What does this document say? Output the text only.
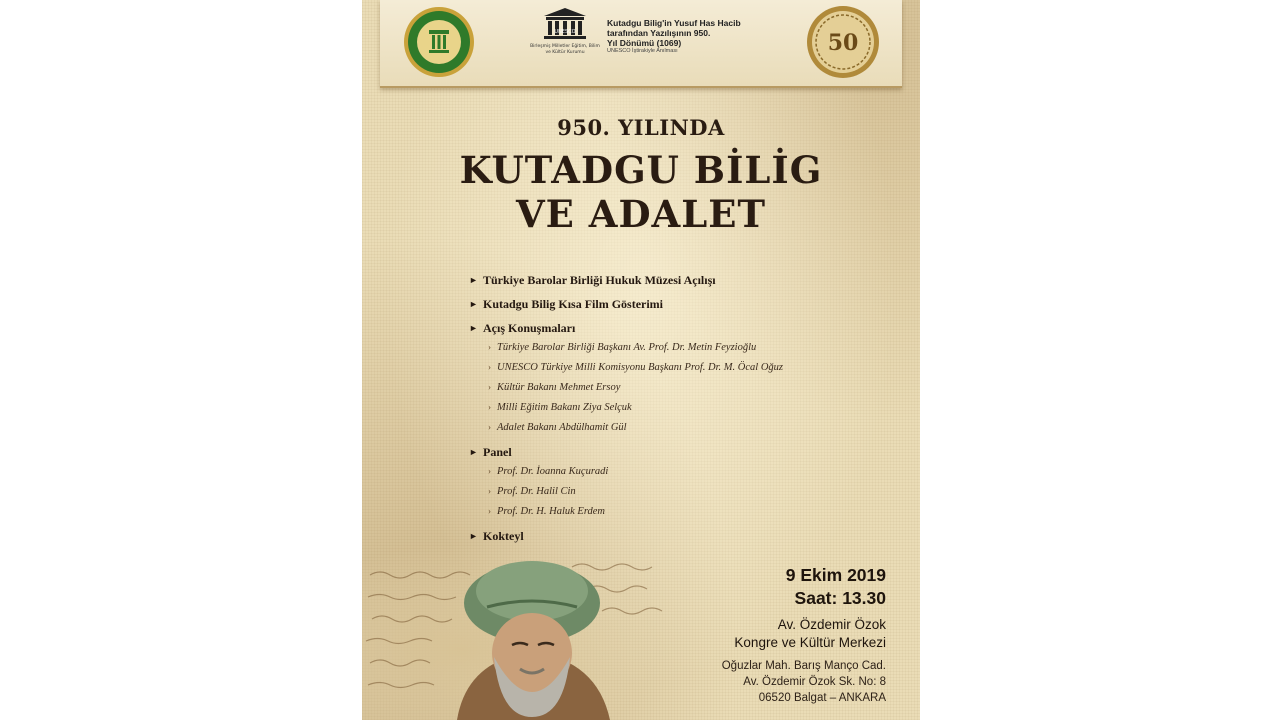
UNESCO
Birleşmiş Milletler Eğitim, Bilim ve Kültür Kurumu
Kutadgu Bilig'in Yusuf Has Hacib
tarafından Yazılışının 950.
Yıl Dönümü (1069)
UNESCO İştirakiyle Anılması	50
950. YILINDA
KUTADGU BİLİG
VE ADALET
► Türkiye Barolar Birliği Hukuk Müzesi Açılışı
► Kutadgu Bilig Kısa Film Gösterimi
► Açış Konuşmaları
› Türkiye Barolar Birliği Başkanı Av. Prof. Dr. Metin Feyzioğlu
› UNESCO Türkiye Milli Komisyonu Başkanı Prof. Dr. M. Öcal Oğuz
› Kültür Bakanı Mehmet Ersoy
› Milli Eğitim Bakanı Ziya Selçuk
› Adalet Bakanı Abdülhamit Gül
► Panel
› Prof. Dr. İoanna Kuçuradi
› Prof. Dr. Halil Cin
› Prof. Dr. H. Haluk Erdem
► Kokteyl
9 Ekim 2019
Saat: 13.30
Av. Özdemir Özok
Kongre ve Kültür Merkezi
Oğuzlar Mah. Barış Manço Cad.
Av. Özdemir Özok Sk. No: 8
06520 Balgat – ANKARA
